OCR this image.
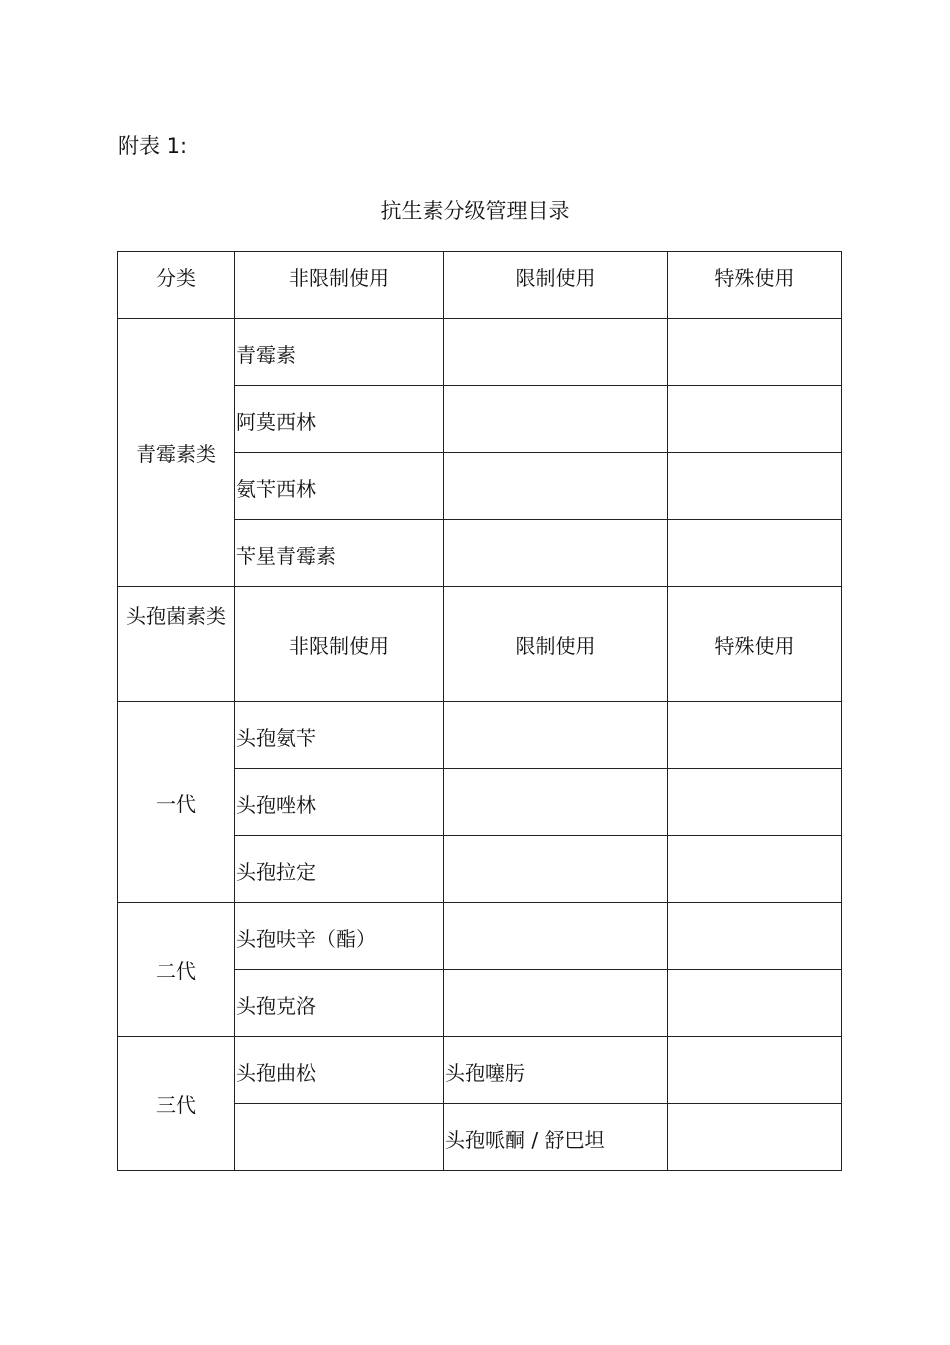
附表 1:
抗生素分级管理目录
分类	非限制使用	限制使用	特殊使用
青霉素类	青霉素		
	阿莫西林		
	氨苄西林		
	苄星青霉素		
头孢菌素类	非限制使用	限制使用	特殊使用
一代	头孢氨苄		
	头孢唑林		
	头孢拉定		
二代	头孢呋辛（酯）		
	头孢克洛		
三代	头孢曲松	头孢噻肟	
		头孢哌酮 / 舒巴坦	
